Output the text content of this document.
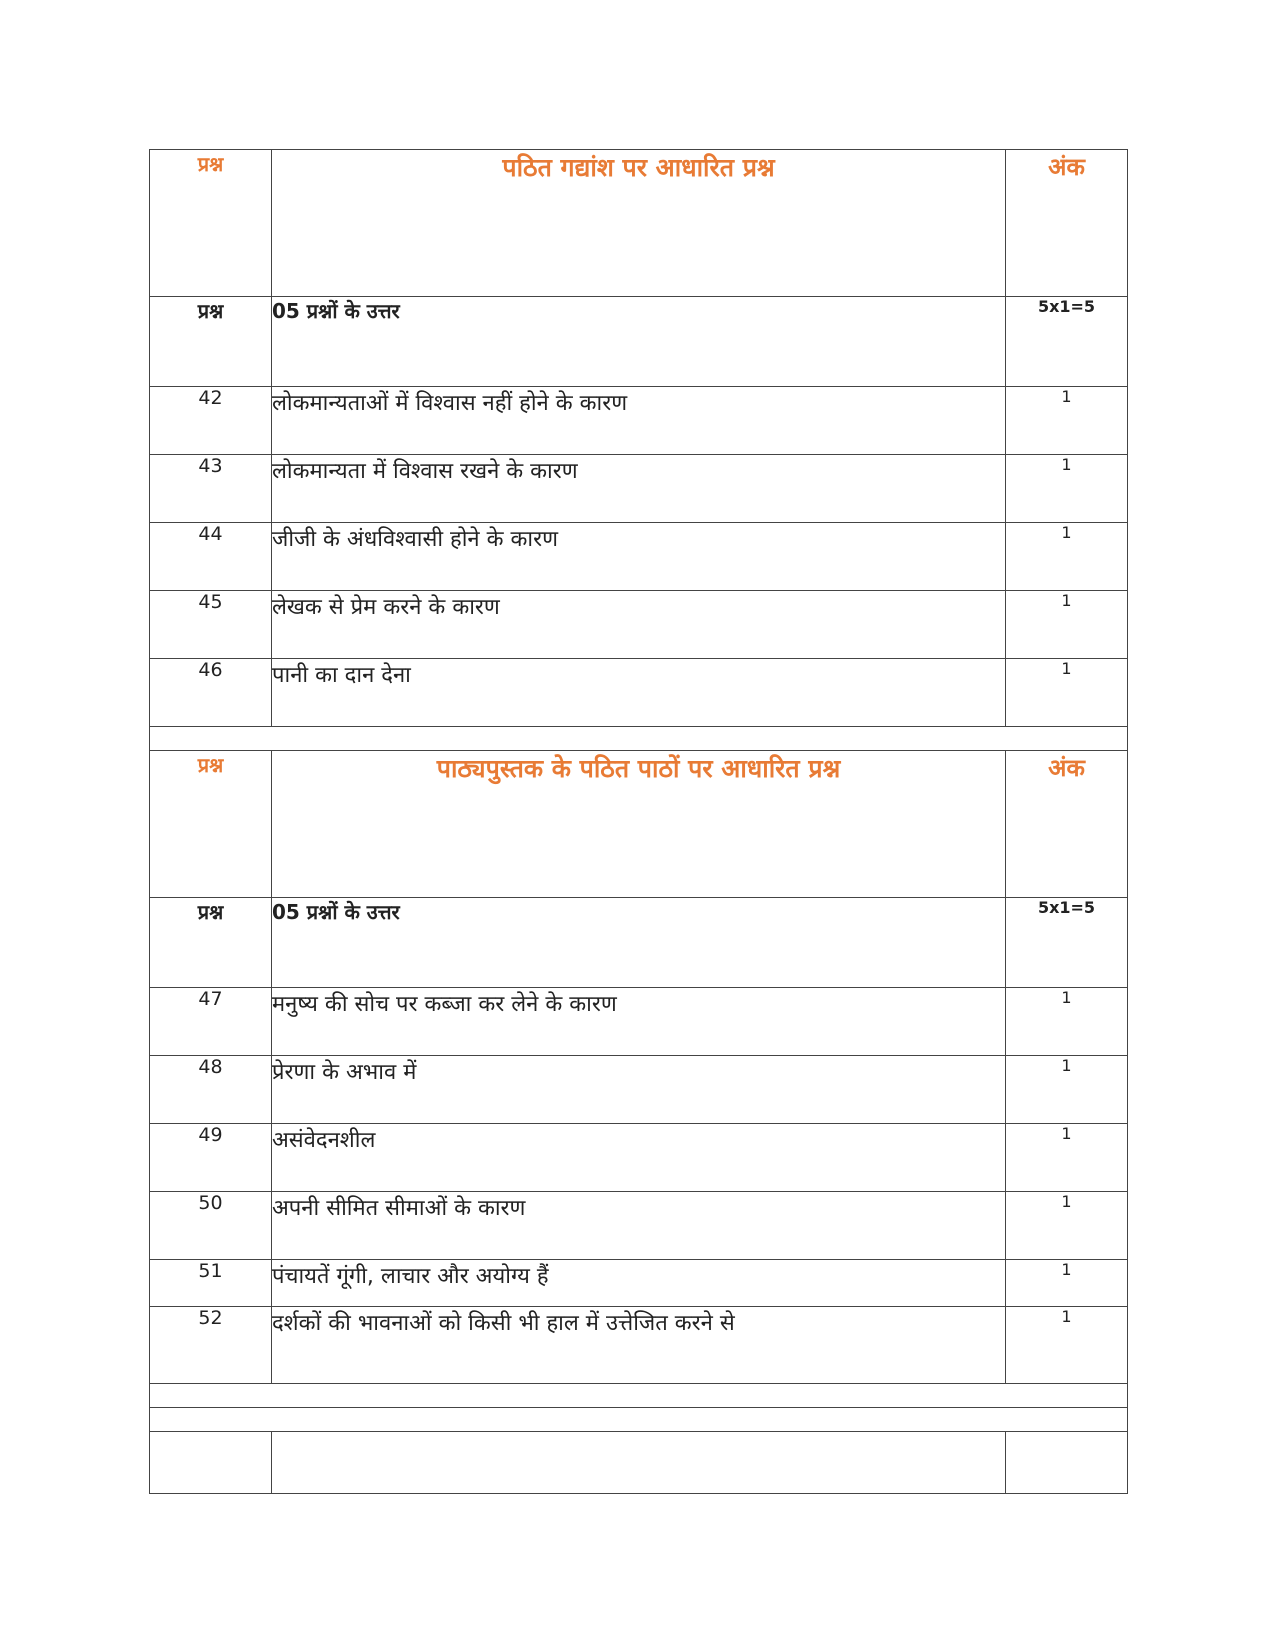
प्रश्न	पठित गद्यांश पर आधारित प्रश्न	अंक
प्रश्न	05 प्रश्नों के उत्तर	5x1=5
42	लोकमान्यताओं में विश्वास नहीं होने के कारण	1
43	लोकमान्यता में विश्वास रखने के कारण	1
44	जीजी के अंधविश्वासी होने के कारण	1
45	लेखक से प्रेम करने के कारण	1
46	पानी का दान देना	1

प्रश्न	पाठ्यपुस्तक के पठित पाठों पर आधारित प्रश्न	अंक
प्रश्न	05 प्रश्नों के उत्तर	5x1=5
47	मनुष्य की सोच पर कब्जा कर लेने के कारण	1
48	प्रेरणा के अभाव में	1
49	असंवेदनशील	1
50	अपनी सीमित सीमाओं के कारण	1
51	पंचायतें गूंगी, लाचार और अयोग्य हैं	1
52	दर्शकों की भावनाओं को किसी भी हाल में उत्तेजित करने से	1
